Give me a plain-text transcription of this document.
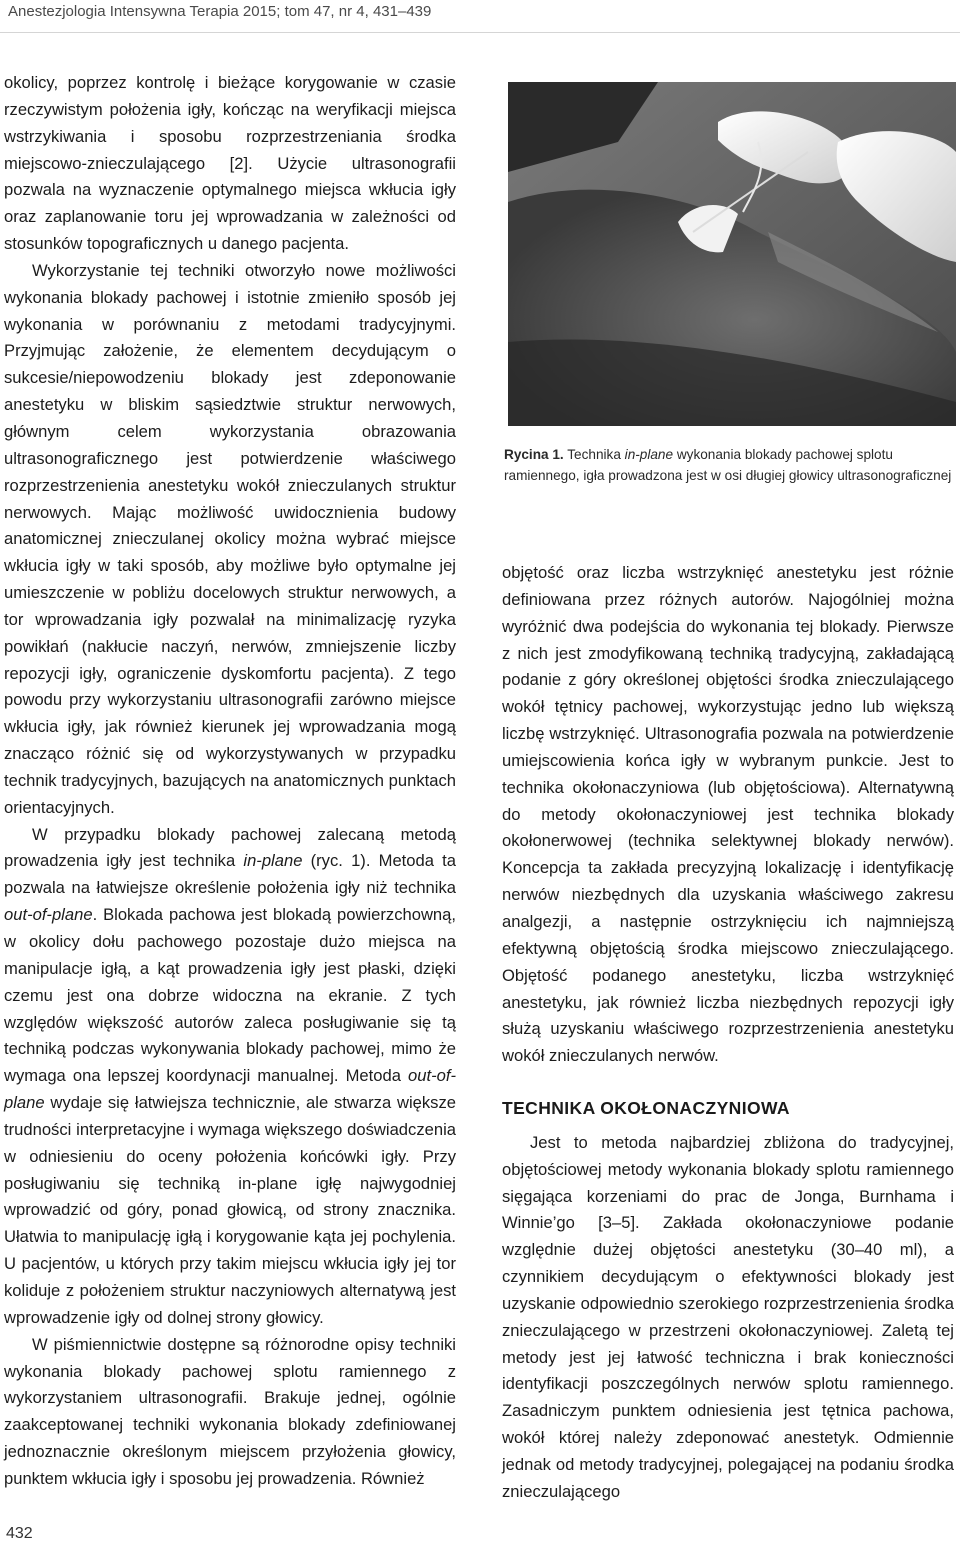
Anestezjologia Intensywna Terapia 2015; tom 47, nr 4, 431–439

okolicy, poprzez kontrolę i bieżące korygowanie w czasie rzeczywistym położenia igły, kończąc na weryfikacji miejsca wstrzykiwania i sposobu rozprzestrzeniania środka miejscowo-znieczulającego [2]. Użycie ultrasonografii pozwala na wyznaczenie optymalnego miejsca wkłucia igły oraz zaplanowanie toru jej wprowadzania w zależności od stosunków topograficznych u danego pacjenta.

Wykorzystanie tej techniki otworzyło nowe możliwości wykonania blokady pachowej i istotnie zmieniło sposób jej wykonania w porównaniu z metodami tradycyjnymi. Przyjmując założenie, że elementem decydującym o sukcesie/niepowodzeniu blokady jest zdeponowanie anestetyku w bliskim sąsiedztwie struktur nerwowych, głównym celem wykorzystania obrazowania ultrasonograficznego jest potwierdzenie właściwego rozprzestrzenienia anestetyku wokół znieczulanych struktur nerwowych. Mając możliwość uwidocznienia budowy anatomicznej znieczulanej okolicy można wybrać miejsce wkłucia igły w taki sposób, aby możliwe było optymalne jej umieszczenie w pobliżu docelowych struktur nerwowych, a tor wprowadzania igły pozwalał na minimalizację ryzyka powikłań (nakłucie naczyń, nerwów, zmniejszenie liczby repozycji igły, ograniczenie dyskomfortu pacjenta). Z tego powodu przy wykorzystaniu ultrasonografii zarówno miejsce wkłucia igły, jak również kierunek jej wprowadzania mogą znacząco różnić się od wykorzystywanych w przypadku technik tradycyjnych, bazujących na anatomicznych punktach orientacyjnych.

W przypadku blokady pachowej zalecaną metodą prowadzenia igły jest technika in-plane (ryc. 1). Metoda ta pozwala na łatwiejsze określenie położenia igły niż technika out-of-plane. Blokada pachowa jest blokadą powierzchowną, w okolicy dołu pachowego pozostaje dużo miejsca na manipulacje igłą, a kąt prowadzenia igły jest płaski, dzięki czemu jest ona dobrze widoczna na ekranie. Z tych względów większość autorów zaleca posługiwanie się tą techniką podczas wykonywania blokady pachowej, mimo że wymaga ona lepszej koordynacji manualnej. Metoda out-of-plane wydaje się łatwiejsza technicznie, ale stwarza większe trudności interpretacyjne i wymaga większego doświadczenia w odniesieniu do oceny położenia końcówki igły. Przy posługiwaniu się techniką in-plane igłę najwygodniej wprowadzić od góry, ponad głowicą, od strony znacznika. Ułatwia to manipulację igłą i korygowanie kąta jej pochylenia. U pacjentów, u których przy takim miejscu wkłucia igły jej tor koliduje z położeniem struktur naczyniowych alternatywą jest wprowadzenie igły od dolnej strony głowicy.

W piśmiennictwie dostępne są różnorodne opisy techniki wykonania blokady pachowej splotu ramiennego z wykorzystaniem ultrasonografii. Brakuje jednej, ogólnie zaakceptowanej techniki wykonania blokady zdefiniowanej jednoznacznie określonym miejscem przyłożenia głowicy, punktem wkłucia igły i sposobu jej prowadzenia. Również

Rycina 1. Technika in-plane wykonania blokady pachowej splotu ramiennego, igła prowadzona jest w osi długiej głowicy ultrasonograficznej

objętość oraz liczba wstrzyknięć anestetyku jest różnie definiowana przez różnych autorów. Najogólniej można wyróżnić dwa podejścia do wykonania tej blokady. Pierwsze z nich jest zmodyfikowaną techniką tradycyjną, zakładającą podanie z góry określonej objętości środka znieczulającego wokół tętnicy pachowej, wykorzystując jedno lub większą liczbę wstrzyknięć. Ultrasonografia pozwala na potwierdzenie umiejscowienia końca igły w wybranym punkcie. Jest to technika okołonaczyniowa (lub objętościowa). Alternatywną do metody okołonaczyniowej jest technika blokady okołonerwowej (technika selektywnej blokady nerwów). Koncepcja ta zakłada precyzyjną lokalizację i identyfikację nerwów niezbędnych dla uzyskania właściwego zakresu analgezji, a następnie ostrzyknięciu ich najmniejszą efektywną objętością środka miejscowo znieczulającego. Objętość podanego anestetyku, liczba wstrzyknięć anestetyku, jak również liczba niezbędnych repozycji igły służą uzyskaniu właściwego rozprzestrzenienia anestetyku wokół znieczulanych nerwów.

TECHNIKA OKOŁONACZYNIOWA

Jest to metoda najbardziej zbliżona do tradycyjnej, objętościowej metody wykonania blokady splotu ramiennego sięgająca korzeniami do prac de Jonga, Burnhama i Winnie’go [3–5]. Zakłada okołonaczyniowe podanie względnie dużej objętości anestetyku (30–40 ml), a czynnikiem decydującym o efektywności blokady jest uzyskanie odpowiednio szerokiego rozprzestrzenienia środka znieczulającego w przestrzeni okołonaczyniowej. Zaletą tej metody jest jej łatwość techniczna i brak konieczności identyfikacji poszczególnych nerwów splotu ramiennego. Zasadniczym punktem odniesienia jest tętnica pachowa, wokół której należy zdeponować anestetyk. Odmiennie jednak od metody tradycyjnej, polegającej na podaniu środka znieczulającego

432
